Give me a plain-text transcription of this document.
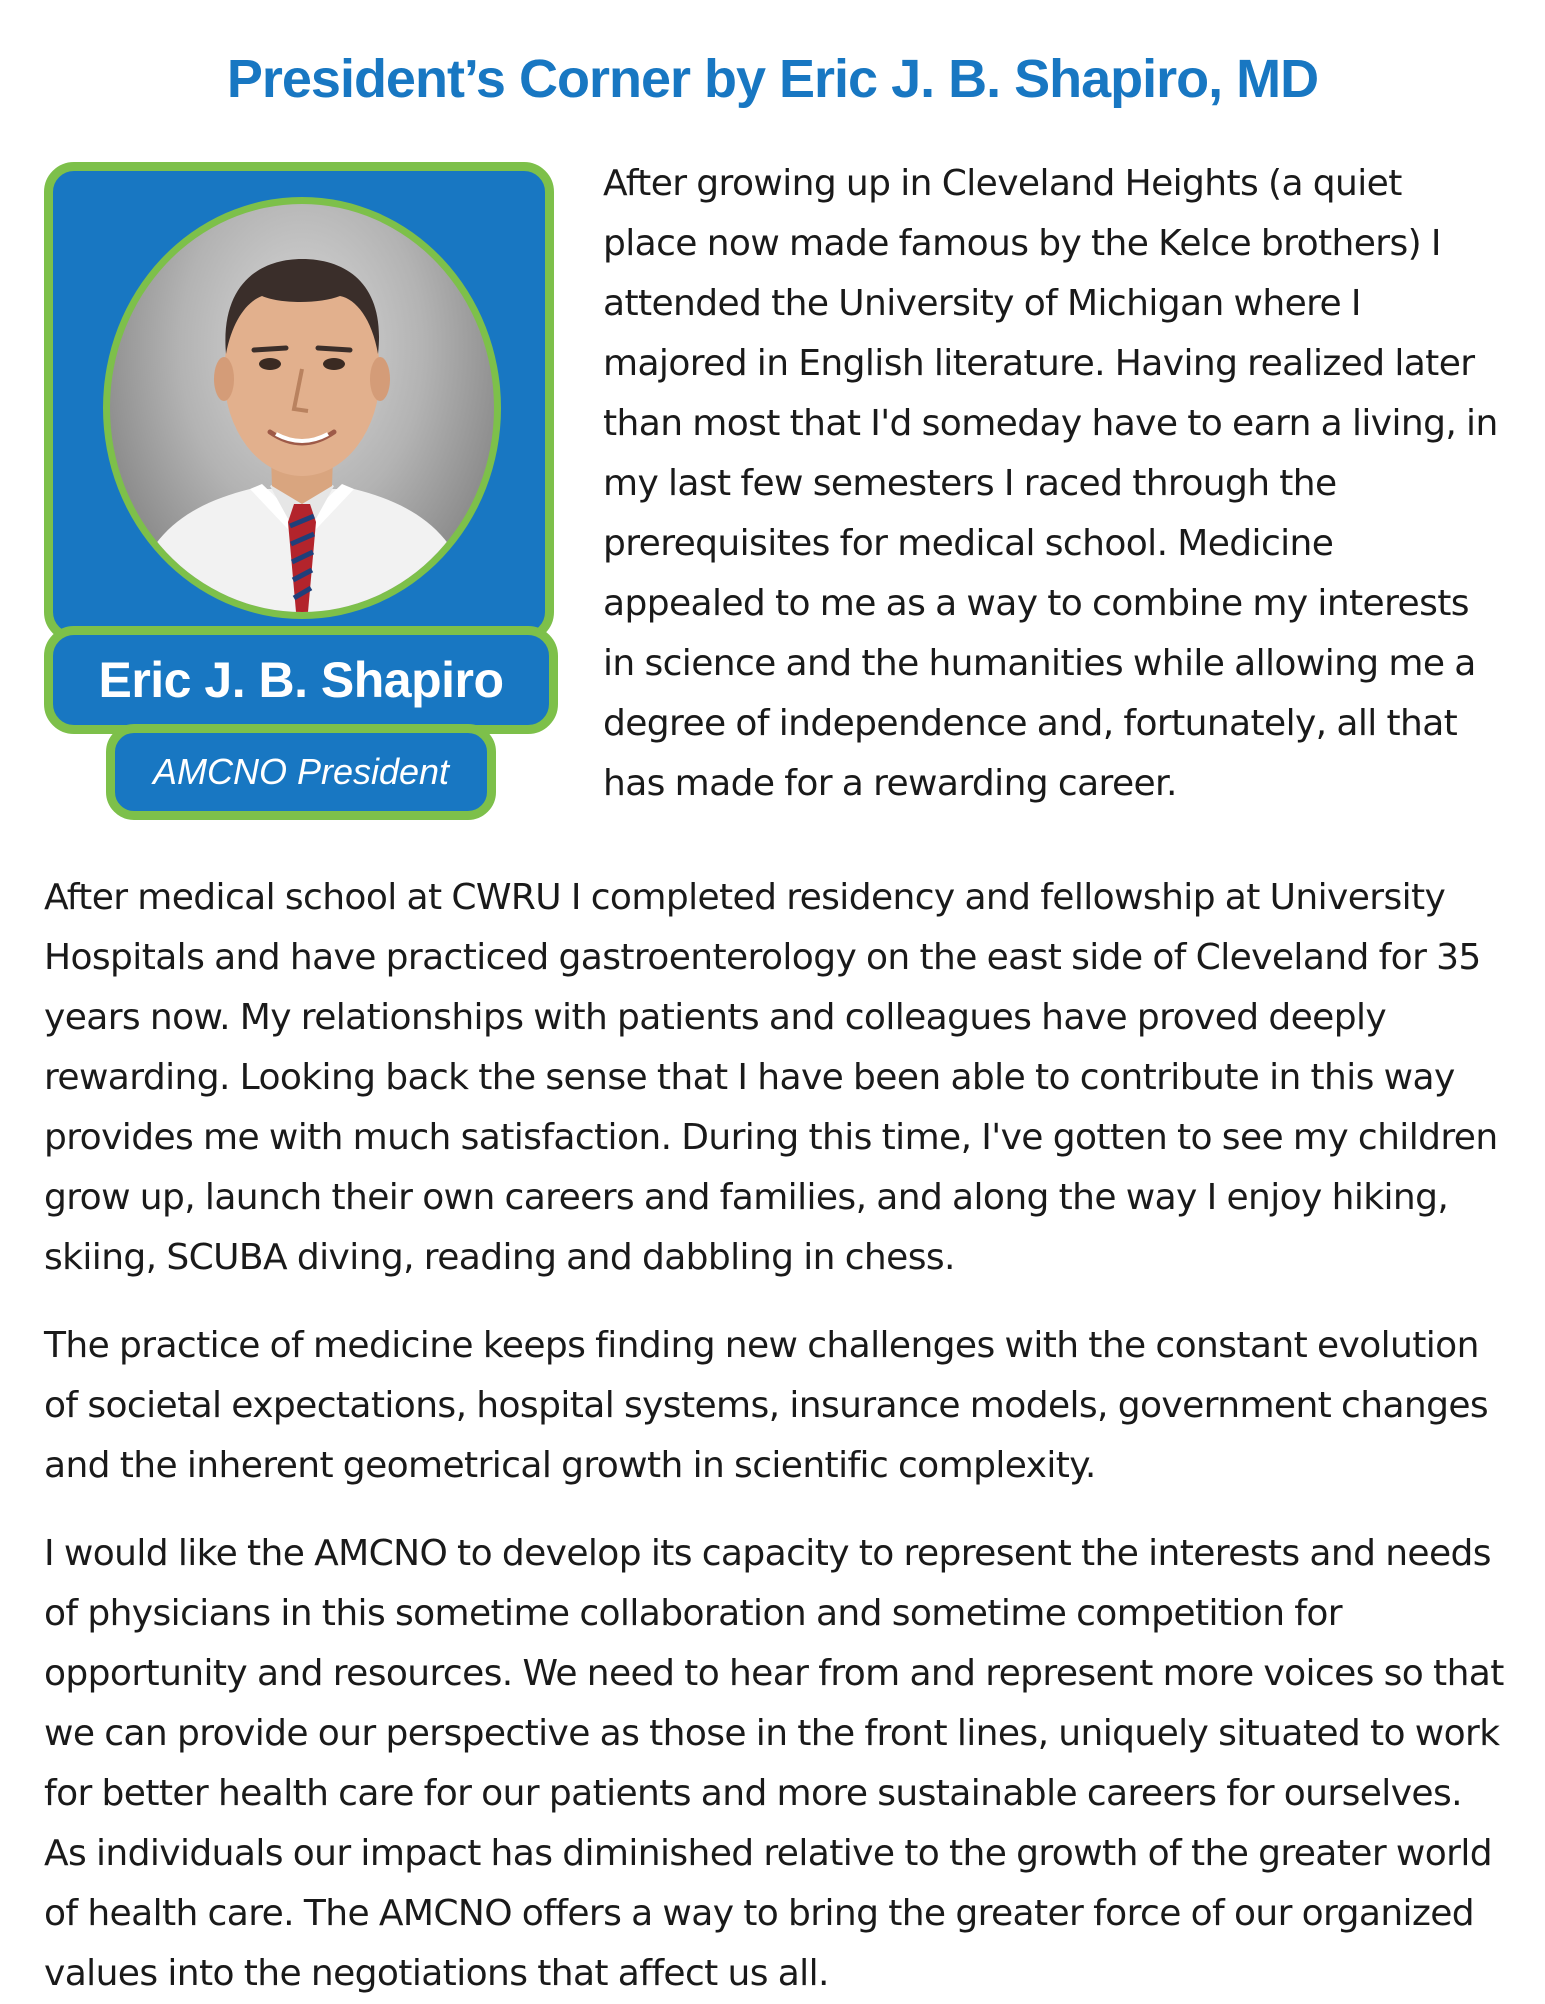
President’s Corner by Eric J. B. Shapiro, MD
Eric J. B. Shapiro
AMCNO President

After growing up in Cleveland Heights (a quiet place now made famous by the Kelce brothers) I attended the University of Michigan where I majored in English literature. Having realized later than most that I'd someday have to earn a living, in my last few semesters I raced through the prerequisites for medical school. Medicine appealed to me as a way to combine my interests in science and the humanities while allowing me a degree of independence and, fortunately, all that has made for a rewarding career.

After medical school at CWRU I completed residency and fellowship at University Hospitals and have practiced gastroenterology on the east side of Cleveland for 35 years now. My relationships with patients and colleagues have proved deeply rewarding. Looking back the sense that I have been able to contribute in this way provides me with much satisfaction. During this time, I've gotten to see my children grow up, launch their own careers and families, and along the way I enjoy hiking, skiing, SCUBA diving, reading and dabbling in chess.

The practice of medicine keeps finding new challenges with the constant evolution of societal expectations, hospital systems, insurance models, government changes and the inherent geometrical growth in scientific complexity.

I would like the AMCNO to develop its capacity to represent the interests and needs of physicians in this sometime collaboration and sometime competition for opportunity and resources. We need to hear from and represent more voices so that we can provide our perspective as those in the front lines, uniquely situated to work for better health care for our patients and more sustainable careers for ourselves. As individuals our impact has diminished relative to the growth of the greater world of health care. The AMCNO offers a way to bring the greater force of our organized values into the negotiations that affect us all.
